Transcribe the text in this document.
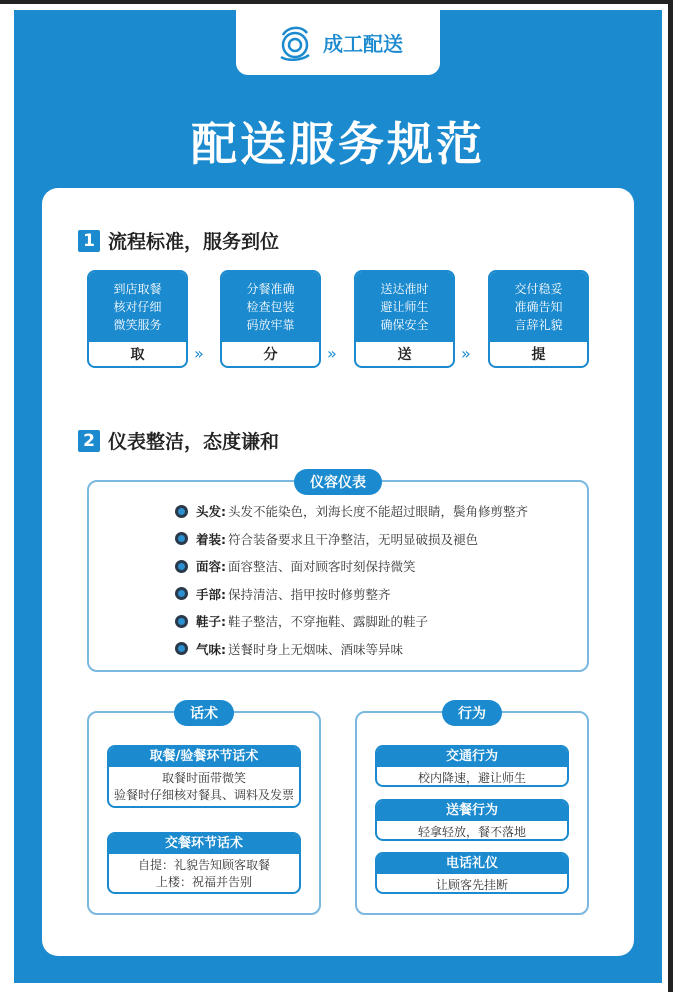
成工配送
配送服务规范
1 流程标准，服务到位
到店取餐
核对仔细
微笑服务
取	»
分餐准确
检查包装
码放牢靠
分	»
送达准时
避让师生
确保安全
送	»
交付稳妥
准确告知
言辞礼貌
提
2 仪表整洁，态度谦和
仪容仪表
头发: 头发不能染色，刘海长度不能超过眼睛，鬓角修剪整齐
着装: 符合装备要求且干净整洁，无明显破损及褪色
面容: 面容整洁、面对顾客时刻保持微笑
手部: 保持清洁、指甲按时修剪整齐
鞋子: 鞋子整洁，不穿拖鞋、露脚趾的鞋子
气味: 送餐时身上无烟味、酒味等异味
话术	行为
取餐/验餐环节话术
取餐时面带微笑
验餐时仔细核对餐具、调料及发票
交餐环节话术
自提：礼貌告知顾客取餐
上楼：祝福并告别
交通行为
校内降速，避让师生
送餐行为
轻拿轻放，餐不落地
电话礼仪
让顾客先挂断
